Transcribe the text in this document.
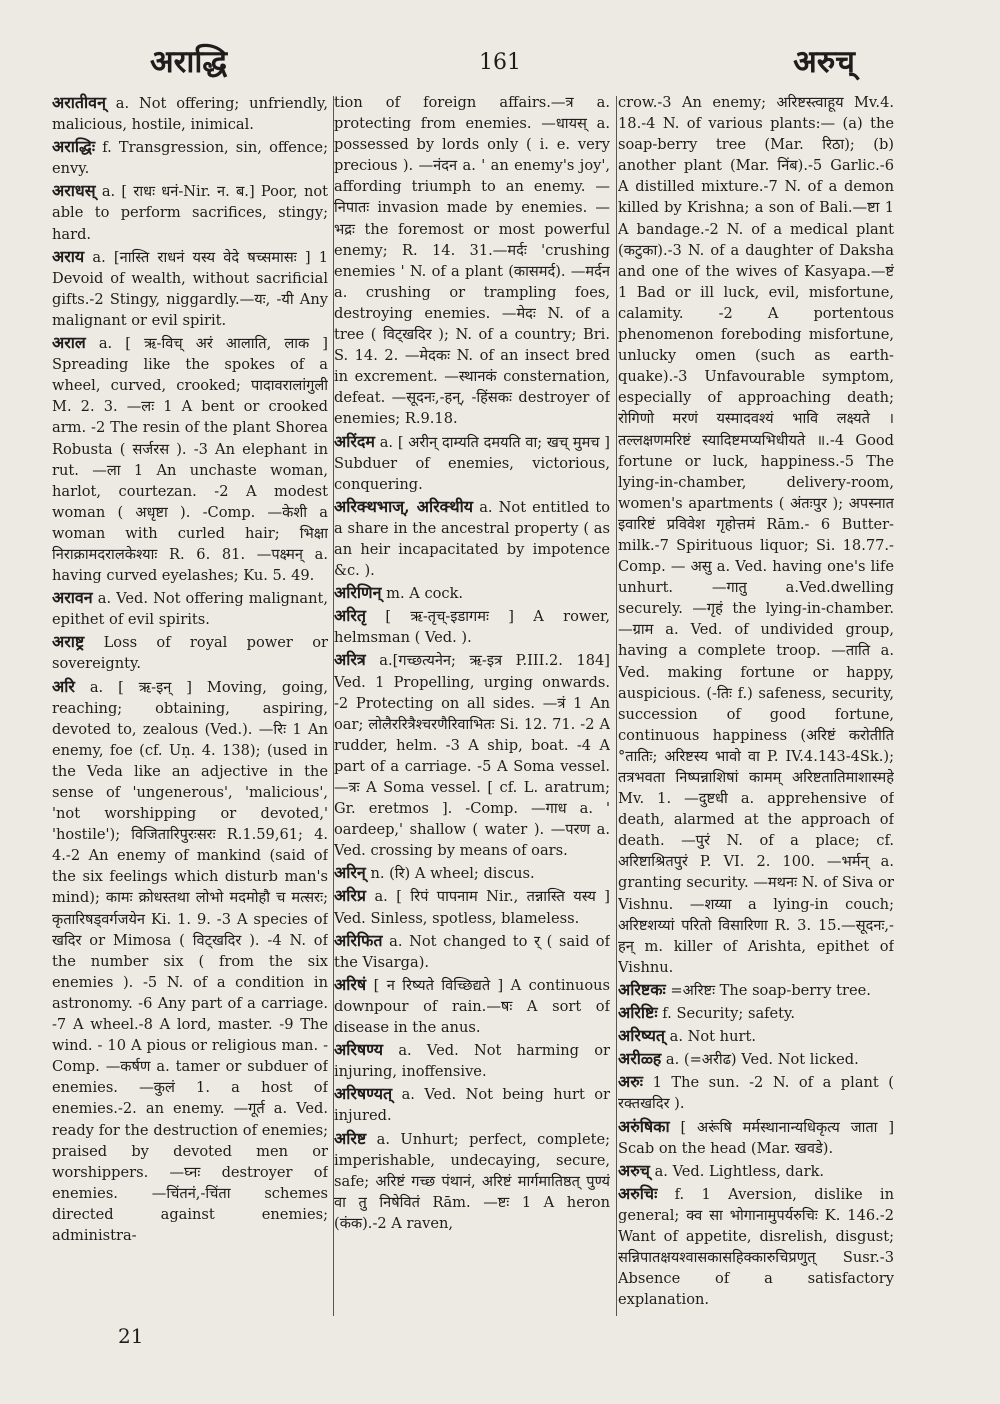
अराद्धि	161	अरुच्
अरातीवन् a. Not offering; unfriendly, malicious, hostile, inimical.
अराद्धिः f. Transgression, sin, offence; envy.
अराधस् a. [ राधः धनं-Nir. न. ब.] Poor, not able to perform sacrifices, stingy; hard.
अराय a. [नास्ति राधनं यस्य वेदे षच्समासः ] 1 Devoid of wealth, without sacrificial gifts.-2 Stingy, niggardly.—यः, -यी Any malignant or evil spirit.
अराल a. [ ऋ-विच् अरं आलाति, लाक ] Spreading like the spokes of a wheel, curved, crooked; पादावरालांगुली M. 2. 3. —लः 1 A bent or crooked arm. -2 The resin of the plant Shorea Robusta ( सर्जरस ). -3 An elephant in rut. —ला 1 An unchaste woman, harlot, courtezan. -2 A modest woman ( अधृष्टा ). -Comp. —केशी a woman with curled hair; भिक्षा निराक्रामदरालकेश्याः R. 6. 81. —पक्ष्मन् a. having curved eyelashes; Ku. 5. 49.
अरावन a. Ved. Not offering malignant, epithet of evil spirits.
अराष्ट्र Loss of royal power or sovereignty.
अरि a. [ ऋ-इन् ] Moving, going, reaching; obtaining, aspiring, devoted to, zealous (Ved.). —रिः 1 An enemy, foe (cf. Uṇ. 4. 138); (used in the Veda like an adjective in the sense of 'ungenerous', 'malicious', 'not worshipping or devoted,' 'hostile'); विजितारिपुरःसरः R.1.59,61; 4. 4.-2 An enemy of mankind (said of the six feelings which disturb man's mind); कामः क्रोधस्तथा लोभो मदमोहौ च मत्सरः; कृतारिषड्वर्गजयेन Ki. 1. 9. -3 A species of खदिर or Mimosa ( विट्खदिर ). -4 N. of the number six ( from the six enemies ). -5 N. of a condition in astronomy. -6 Any part of a carriage. -7 A wheel.-8 A lord, master. -9 The wind. - 10 A pious or religious man. -Comp. —कर्षण a. tamer or subduer of enemies. —कुलं 1. a host of enemies.-2. an enemy. —गूर्त a. Ved. ready for the destruction of enemies; praised by devoted men or worshippers. —घ्नः destroyer of enemies. —चिंतनं,-चिंता schemes directed against enemies; administra-
tion of foreign affairs.—त्र a. protecting from enemies. —धायस् a. possessed by lords only ( i. e. very precious ). —नंदन a. ' an enemy's joy', affording triumph to an enemy. —निपातः invasion made by enemies. —भद्रः the foremost or most powerful enemy; R. 14. 31.—मर्दः 'crushing enemies ' N. of a plant (कासमर्द). —मर्दन a. crushing or trampling foes, destroying enemies. —मेदः N. of a tree ( विट्खदिर ); N. of a country; Bri. S. 14. 2. —मेदकः N. of an insect bred in excrement. —स्थानकं consternation, defeat. —सूदनः,-हन्, -हिंसकः destroyer of enemies; R.9.18.
अरिंदम a. [ अरीन् दाम्यति दमयति वा; खच् मुमच ] Subduer of enemies, victorious, conquering.
अरिक्थभाज्, अरिक्थीय a. Not entitled to a share in the ancestral property ( as an heir incapacitated by impotence &c. ).
अरिणिन् m. A cock.
अरितृ [ ऋ-तृच्-इडागमः ] A rower, helmsman ( Ved. ).
अरित्र a.[गच्छत्यनेन; ऋ-इत्र P.III.2. 184] Ved. 1 Propelling, urging onwards. -2 Protecting on all sides. —त्रं 1 An oar; लोलैररित्रैश्चरणैरिवाभितः Si. 12. 71. -2 A rudder, helm. -3 A ship, boat. -4 A part of a carriage. -5 A Soma vessel. —त्रः A Soma vessel. [ cf. L. aratrum; Gr. eretmos ]. -Comp. —गाध a. ' oardeep,' shallow ( water ). —परण a. Ved. crossing by means of oars.
अरिन् n. (रि) A wheel; discus.
अरिप्र a. [ रिपं पापनाम Nir., तन्नास्ति यस्य ] Ved. Sinless, spotless, blameless.
अरिफित a. Not changed to र् ( said of the Visarga).
अरिषं [ न रिष्यते विच्छिद्यते ] A continuous downpour of rain.—षः A sort of disease in the anus.
अरिषण्य a. Ved. Not harming or injuring, inoffensive.
अरिषण्यत् a. Ved. Not being hurt or injured.
अरिष्ट a. Unhurt; perfect, complete; imperishable, undecaying, secure, safe; अरिष्टं गच्छ पंथानं, अरिष्टं मार्गमातिष्ठत् पुण्यं वा तु निषेवितं Rām. —ष्टः 1 A heron (कंक).-2 A raven,
crow.-3 An enemy; अरिष्टस्त्वाहूय Mv.4. 18.-4 N. of various plants:— (a) the soap-berry tree (Mar. रिठा); (b) another plant (Mar. निंब).-5 Garlic.-6 A distilled mixture.-7 N. of a demon killed by Krishna; a son of Bali.—ष्टा 1 A bandage.-2 N. of a medical plant (कटुका).-3 N. of a daughter of Daksha and one of the wives of Kasyapa.—ष्टं 1 Bad or ill luck, evil, misfortune, calamity. -2 A portentous phenomenon foreboding misfortune, unlucky omen (such as earth-quake).-3 Unfavourable symptom, especially of approaching death; रोगिणो मरणं यस्मादवश्यं भावि लक्ष्यते । तल्लक्षणमरिष्टं स्यादिष्टमप्यभिधीयते ॥.-4 Good fortune or luck, happiness.-5 The lying-in-chamber, delivery-room, women's apartments ( अंतःपुर ); अपस्नात इवारिष्टं प्रविवेश गृहोत्तमं Rām.- 6 Butter-milk.-7 Spirituous liquor; Si. 18.77.-Comp. — असु a. Ved. having one's life unhurt. —गातु a.Ved.dwelling securely. —गृहं the lying-in-chamber. —ग्राम a. Ved. of undivided group, having a complete troop. —ताति a. Ved. making fortune or happy, auspicious. (-तिः f.) safeness, security, succession of good fortune, continuous happiness (अरिष्टं करोतीति °तातिः; अरिष्टस्य भावो वा P. IV.4.143-4Sk.); तत्रभवता निष्पन्नाशिषां कामम् अरिष्टतातिमाशास्महे Mv. 1. —दुष्टधी a. apprehensive of death, alarmed at the approach of death. —पुरं N. of a place; cf. अरिष्टाश्रितपुरं P. VI. 2. 100. —भर्मन् a. granting security. —मथनः N. of Siva or Vishnu. —शय्या a lying-in couch; अरिष्टशय्यां परितो विसारिणा R. 3. 15.—सूदनः,-हन् m. killer of Arishta, epithet of Vishnu.
अरिष्टकः =अरिष्टः The soap-berry tree.
अरिष्टिः f. Security; safety.
अरिष्यत् a. Not hurt.
अरीळ्ह a. (=अरीढ) Ved. Not licked.
अरुः 1 The sun. -2 N. of a plant ( रक्तखदिर ).
अरुंषिका [ अरूंषि मर्मस्थानान्यधिकृत्य जाता ] Scab on the head (Mar. खवडे).
अरुच् a. Ved. Lightless, dark.
अरुचिः f. 1 Aversion, dislike in general; क्व सा भोगानामुपर्यरुचिः K. 146.-2 Want of appetite, disrelish, disgust; सन्निपातक्षयश्वासकासहिक्कारुचिप्रणुत् Susr.-3 Absence of a satisfactory explanation.
21
